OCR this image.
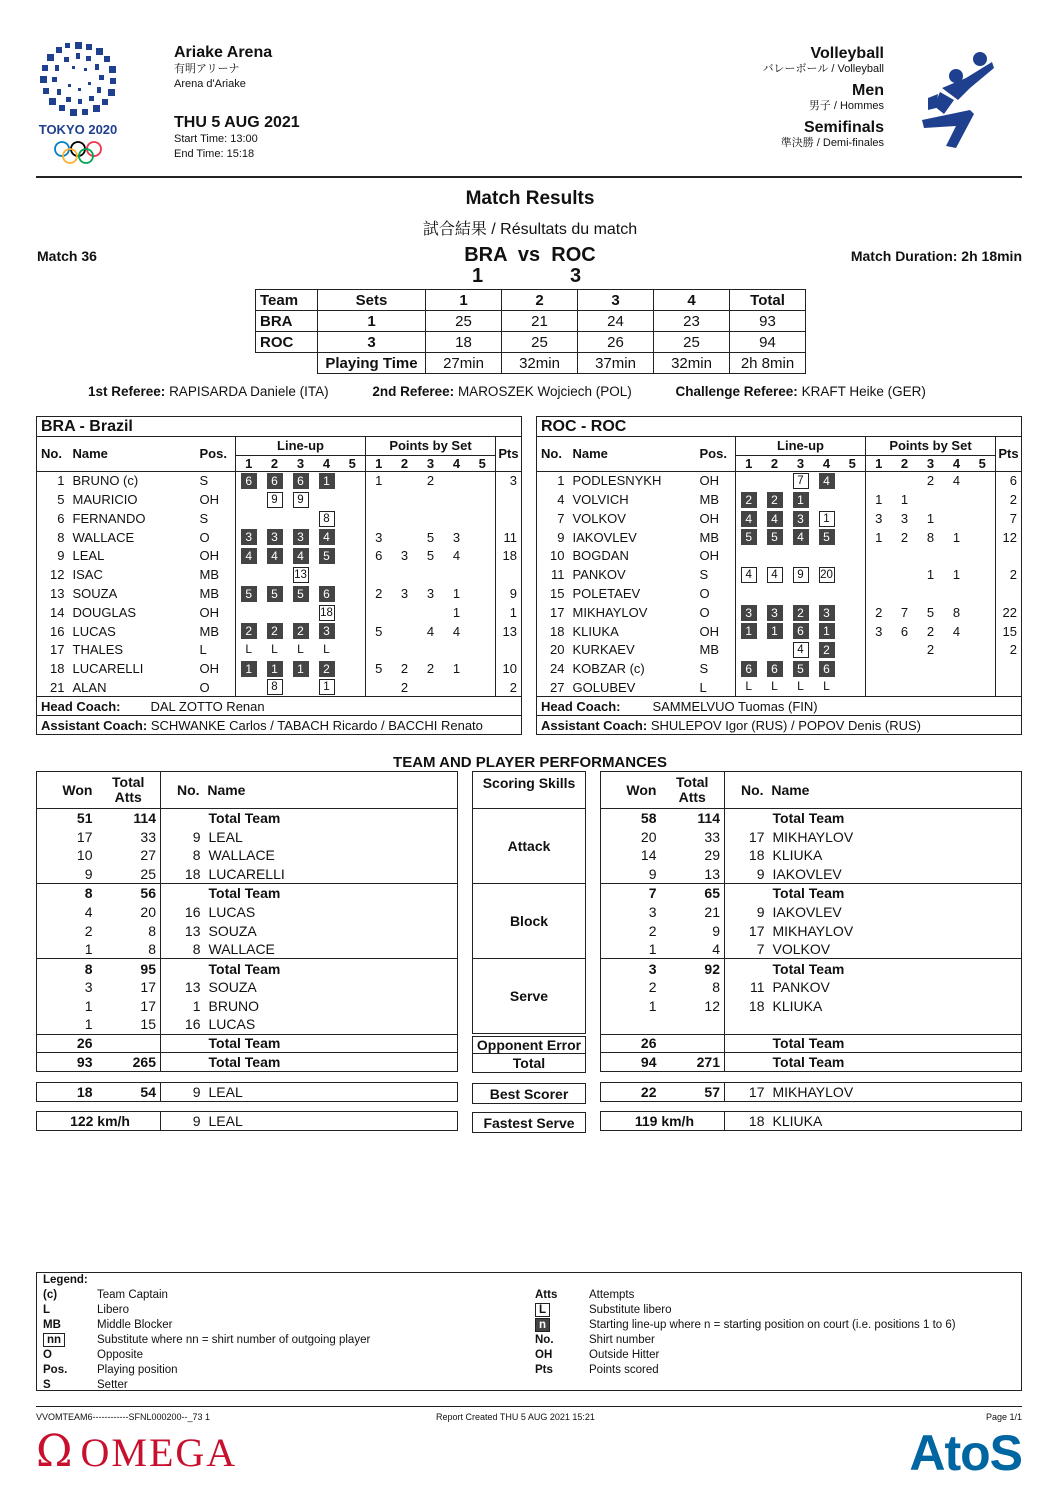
TOKYO 2020
Ariake Arena
有明アリーナ
Arena d'Ariake
THU 5 AUG 2021
Start Time: 13:00
End Time: 15:18
Volleyball
バレーボール / Volleyball
Men
男子 / Hommes
Semifinals
準決勝 / Demi-finales
Match Results
試合結果 / Résultats du match
Match 36	BRA  vs  ROC
1	3
Match Duration: 2h 18min
Team	Sets	1	2	3	4	Total
BRA	1	25	21	24	23	93
ROC	3	18	25	26	25	94
	Playing Time	27min	32min	37min	32min	2h 8min
1st Referee: RAPISARDA Daniele (ITA)	2nd Referee: MAROSZEK Wojciech (POL)	Challenge Referee: KRAFT Heike (GER)
BRA - Brazil													
No.	Name	Pos.	Line-up					Points by Set					Pts
			1	2	3	4	5	1	2	3	4	5	
1	BRUNO (c)	S	6	6	6	1		1		2			3
5	MAURICIO	OH		9	9								
6	FERNANDO	S				8							
8	WALLACE	O	3	3	3	4		3		5	3		11
9	LEAL	OH	4	4	4	5		6	3	5	4		18
12	ISAC	MB			13								
13	SOUZA	MB	5	5	5	6		2	3	3	1		9
14	DOUGLAS	OH				18					1		1
16	LUCAS	MB	2	2	2	3		5		4	4		13
17	THALES	L	L	L	L	L							
18	LUCARELLI	OH	1	1	1	2		5	2	2	1		10
21	ALAN	O		8		1			2				2
Head Coach: DAL ZOTTO Renan													
Assistant Coach: SCHWANKE Carlos / TABACH Ricardo / BACCHI Renato													
ROC - ROC													
No.	Name	Pos.	Line-up					Points by Set					Pts
			1	2	3	4	5	1	2	3	4	5	
1	PODLESNYKH	OH			7	4				2	4		6
4	VOLVICH	MB	2	2	1			1	1				2
7	VOLKOV	OH	4	4	3	1		3	3	1			7
9	IAKOVLEV	MB	5	5	4	5		1	2	8	1		12
10	BOGDAN	OH											
11	PANKOV	S	4	4	9	20				1	1		2
15	POLETAEV	O											
17	MIKHAYLOV	O	3	3	2	3		2	7	5	8		22
18	KLIUKA	OH	1	1	6	1		3	6	2	4		15
20	KURKAEV	MB			4	2				2			2
24	KOBZAR (c)	S	6	6	5	6							
27	GOLUBEV	L	L	L	L	L							
Head Coach: SAMMELVUO Tuomas (FIN)													
Assistant Coach: SHULEPOV Igor (RUS) / POPOV Denis (RUS)													
TEAM AND PLAYER PERFORMANCES
Won	Total Atts	No.  Name	
51	114		Total Team
17	33	9	LEAL
10	27	8	WALLACE
9	25	18	LUCARELLI
8	56		Total Team
4	20	16	LUCAS
2	8	13	SOUZA
1	8	8	WALLACE
8	95		Total Team
3	17	13	SOUZA
1	17	1	BRUNO
1	15	16	LUCAS
26			Total Team
93	265		Total Team
18	54	9	LEAL
122 km/h	9	LEAL
Scoring Skills
Attack
Block
Serve
Opponent Error
Total
Best Scorer
Fastest Serve
Won	Total Atts	No.  Name	
58	114		Total Team
20	33	17	MIKHAYLOV
14	29	18	KLIUKA
9	13	9	IAKOVLEV
7	65		Total Team
3	21	9	IAKOVLEV
2	9	17	MIKHAYLOV
1	4	7	VOLKOV
3	92		Total Team
2	8	11	PANKOV
1	12	18	KLIUKA

26			Total Team
94	271		Total Team
22	57	17	MIKHAYLOV
119 km/h	18	KLIUKA
Legend:
(c)	Team Captain
L	Libero
MB	Middle Blocker
nn	Substitute where nn = shirt number of outgoing player
O	Opposite
Pos.	Playing position
S	Setter
Atts	Attempts
L	Substitute libero
n	Starting line-up where n = starting position on court (i.e. positions 1 to 6)
No.	Shirt number
OH	Outside Hitter
Pts	Points scored
VVOMTEAM6------------SFNL000200--_73 1	Report Created THU 5 AUG 2021 15:21	Page 1/1
Ω OMEGA	AtoS
